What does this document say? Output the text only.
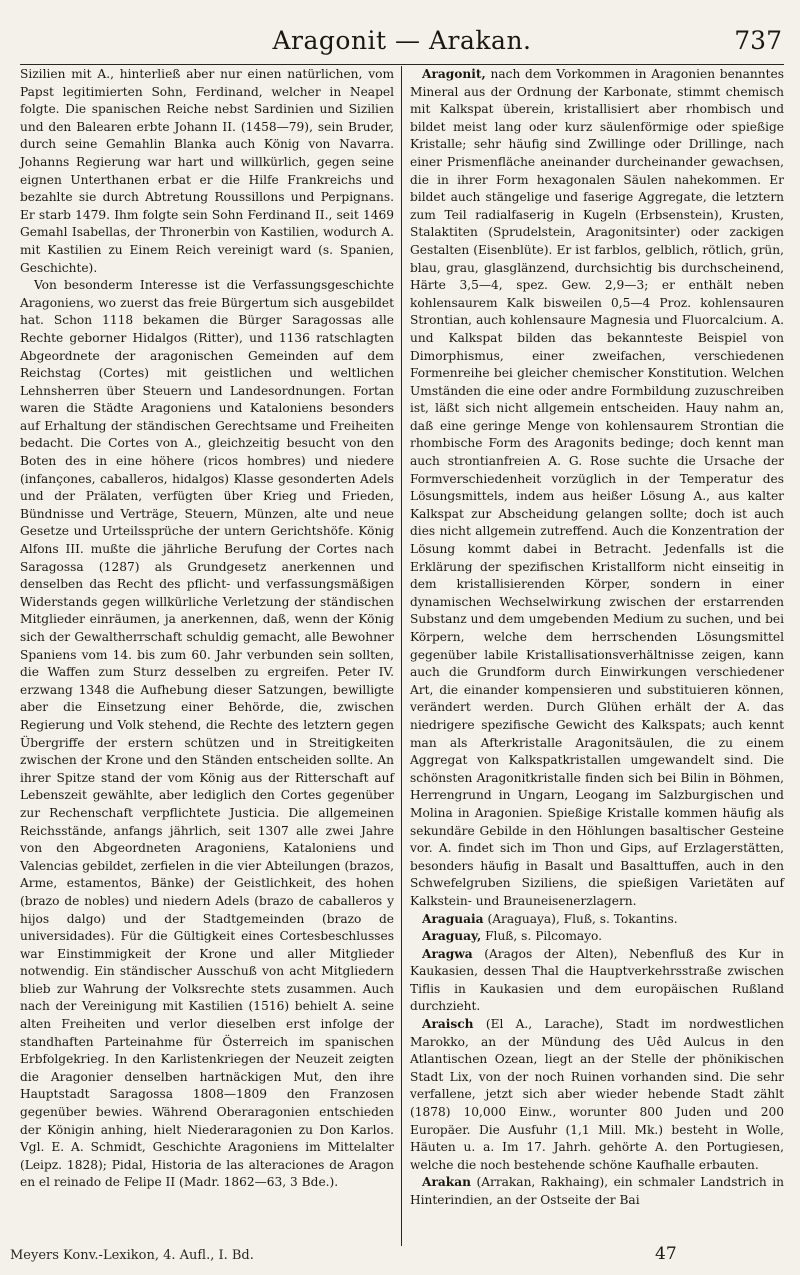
Aragonit — Arakan.	737

Sizilien mit A., hinterließ aber nur einen natürlichen, vom Papst legitimierten Sohn, Ferdinand, welcher in Neapel folgte. Die spanischen Reiche nebst Sardinien und Sizilien und den Balearen erbte Johann II. (1458—79), sein Bruder, durch seine Gemahlin Blanka auch König von Navarra. Johanns Regierung war hart und willkürlich, gegen seine eignen Unterthanen erbat er die Hilfe Frankreichs und bezahlte sie durch Abtretung Roussillons und Perpignans. Er starb 1479. Ihm folgte sein Sohn Ferdinand II., seit 1469 Gemahl Isabellas, der Thronerbin von Kastilien, wodurch A. mit Kastilien zu Einem Reich vereinigt ward (s. Spanien, Geschichte).

Von besonderm Interesse ist die Verfassungsgeschichte Aragoniens, wo zuerst das freie Bürgertum sich ausgebildet hat. Schon 1118 bekamen die Bürger Saragossas alle Rechte geborner Hidalgos (Ritter), und 1136 ratschlagten Abgeordnete der aragonischen Gemeinden auf dem Reichstag (Cortes) mit geistlichen und weltlichen Lehnsherren über Steuern und Landesordnungen. Fortan waren die Städte Aragoniens und Kataloniens besonders auf Erhaltung der ständischen Gerechtsame und Freiheiten bedacht. Die Cortes von A., gleichzeitig besucht von den Boten des in eine höhere (ricos hombres) und niedere (infançones, caballeros, hidalgos) Klasse gesonderten Adels und der Prälaten, verfügten über Krieg und Frieden, Bündnisse und Verträge, Steuern, Münzen, alte und neue Gesetze und Urteilssprüche der untern Gerichtshöfe. König Alfons III. mußte die jährliche Berufung der Cortes nach Saragossa (1287) als Grundgesetz anerkennen und denselben das Recht des pflicht- und verfassungsmäßigen Widerstands gegen willkürliche Verletzung der ständischen Mitglieder einräumen, ja anerkennen, daß, wenn der König sich der Gewaltherrschaft schuldig gemacht, alle Bewohner Spaniens vom 14. bis zum 60. Jahr verbunden sein sollten, die Waffen zum Sturz desselben zu ergreifen. Peter IV. erzwang 1348 die Aufhebung dieser Satzungen, bewilligte aber die Einsetzung einer Behörde, die, zwischen Regierung und Volk stehend, die Rechte des letztern gegen Übergriffe der erstern schützen und in Streitigkeiten zwischen der Krone und den Ständen entscheiden sollte. An ihrer Spitze stand der vom König aus der Ritterschaft auf Lebenszeit gewählte, aber lediglich den Cortes gegenüber zur Rechenschaft verpflichtete Justicia. Die allgemeinen Reichsstände, anfangs jährlich, seit 1307 alle zwei Jahre von den Abgeordneten Aragoniens, Kataloniens und Valencias gebildet, zerfielen in die vier Abteilungen (brazos, Arme, estamentos, Bänke) der Geistlichkeit, des hohen (brazo de nobles) und niedern Adels (brazo de caballeros y hijos dalgo) und der Stadtgemeinden (brazo de universidades). Für die Gültigkeit eines Cortesbeschlusses war Einstimmigkeit der Krone und aller Mitglieder notwendig. Ein ständischer Ausschuß von acht Mitgliedern blieb zur Wahrung der Volksrechte stets zusammen. Auch nach der Vereinigung mit Kastilien (1516) behielt A. seine alten Freiheiten und verlor dieselben erst infolge der standhaften Parteinahme für Österreich im spanischen Erbfolgekrieg. In den Karlistenkriegen der Neuzeit zeigten die Aragonier denselben hartnäckigen Mut, den ihre Hauptstadt Saragossa 1808—1809 den Franzosen gegenüber bewies. Während Oberaragonien entschieden der Königin anhing, hielt Niederaragonien zu Don Karlos. Vgl. E. A. Schmidt, Geschichte Aragoniens im Mittelalter (Leipz. 1828); Pidal, Historia de las alteraciones de Aragon en el reinado de Felipe II (Madr. 1862—63, 3 Bde.).

Aragonit, nach dem Vorkommen in Aragonien benanntes Mineral aus der Ordnung der Karbonate, stimmt chemisch mit Kalkspat überein, kristallisiert aber rhombisch und bildet meist lang oder kurz säulenförmige oder spießige Kristalle; sehr häufig sind Zwillinge oder Drillinge, nach einer Prismenfläche aneinander durcheinander gewachsen, die in ihrer Form hexagonalen Säulen nahekommen. Er bildet auch stängelige und faserige Aggregate, die letztern zum Teil radialfaserig in Kugeln (Erbsenstein), Krusten, Stalaktiten (Sprudelstein, Aragonitsinter) oder zackigen Gestalten (Eisenblüte). Er ist farblos, gelblich, rötlich, grün, blau, grau, glasglänzend, durchsichtig bis durchscheinend, Härte 3,5—4, spez. Gew. 2,9—3; er enthält neben kohlensaurem Kalk bisweilen 0,5—4 Proz. kohlensauren Strontian, auch kohlensaure Magnesia und Fluorcalcium. A. und Kalkspat bilden das bekannteste Beispiel von Dimorphismus, einer zweifachen, verschiedenen Formenreihe bei gleicher chemischer Konstitution. Welchen Umständen die eine oder andre Formbildung zuzuschreiben ist, läßt sich nicht allgemein entscheiden. Hauy nahm an, daß eine geringe Menge von kohlensaurem Strontian die rhombische Form des Aragonits bedinge; doch kennt man auch strontianfreien A. G. Rose suchte die Ursache der Formverschiedenheit vorzüglich in der Temperatur des Lösungsmittels, indem aus heißer Lösung A., aus kalter Kalkspat zur Abscheidung gelangen sollte; doch ist auch dies nicht allgemein zutreffend. Auch die Konzentration der Lösung kommt dabei in Betracht. Jedenfalls ist die Erklärung der spezifischen Kristallform nicht einseitig in dem kristallisierenden Körper, sondern in einer dynamischen Wechselwirkung zwischen der erstarrenden Substanz und dem umgebenden Medium zu suchen, und bei Körpern, welche dem herrschenden Lösungsmittel gegenüber labile Kristallisationsverhältnisse zeigen, kann auch die Grundform durch Einwirkungen verschiedener Art, die einander kompensieren und substituieren können, verändert werden. Durch Glühen erhält der A. das niedrigere spezifische Gewicht des Kalkspats; auch kennt man als Afterkristalle Aragonitsäulen, die zu einem Aggregat von Kalkspatkristallen umgewandelt sind. Die schönsten Aragonitkristalle finden sich bei Bilin in Böhmen, Herrengrund in Ungarn, Leogang im Salzburgischen und Molina in Aragonien. Spießige Kristalle kommen häufig als sekundäre Gebilde in den Höhlungen basaltischer Gesteine vor. A. findet sich im Thon und Gips, auf Erzlagerstätten, besonders häufig in Basalt und Basalttuffen, auch in den Schwefelgruben Siziliens, die spießigen Varietäten auf Kalkstein- und Brauneisenerzlagern.

Araguaia (Araguaya), Fluß, s. Tokantins.

Araguay, Fluß, s. Pilcomayo.

Aragwa (Aragos der Alten), Nebenfluß des Kur in Kaukasien, dessen Thal die Hauptverkehrsstraße zwischen Tiflis in Kaukasien und dem europäischen Rußland durchzieht.

Araisch (El A., Larache), Stadt im nordwestlichen Marokko, an der Mündung des Uêd Aulcus in den Atlantischen Ozean, liegt an der Stelle der phönikischen Stadt Lix, von der noch Ruinen vorhanden sind. Die sehr verfallene, jetzt sich aber wieder hebende Stadt zählt (1878) 10,000 Einw., worunter 800 Juden und 200 Europäer. Die Ausfuhr (1,1 Mill. Mk.) besteht in Wolle, Häuten u. a. Im 17. Jahrh. gehörte A. den Portugiesen, welche die noch bestehende schöne Kaufhalle erbauten.

Arakan (Arrakan, Rakhaing), ein schmaler Landstrich in Hinterindien, an der Ostseite der Bai

Meyers Konv.-Lexikon, 4. Aufl., I. Bd.	47
